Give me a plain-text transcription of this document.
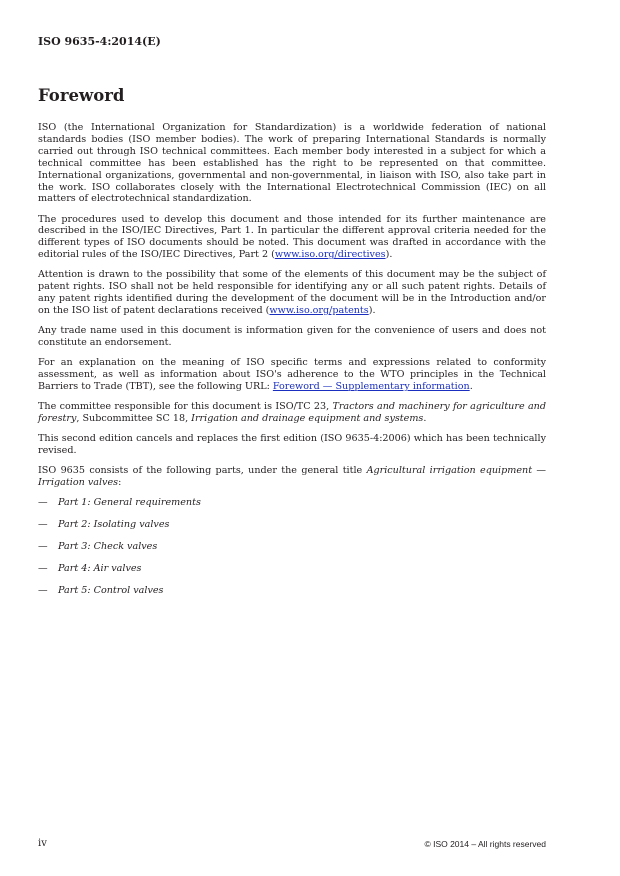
ISO 9635-4:2014(E)
Foreword

ISO (the International Organization for Standardization) is a worldwide federation of national standards bodies (ISO member bodies). The work of preparing International Standards is normally carried out through ISO technical committees. Each member body interested in a subject for which a technical committee has been established has the right to be represented on that committee. International organizations, governmental and non-governmental, in liaison with ISO, also take part in the work. ISO collaborates closely with the International Electrotechnical Commission (IEC) on all matters of electrotechnical standardization.

The procedures used to develop this document and those intended for its further maintenance are described in the ISO/IEC Directives, Part 1. In particular the different approval criteria needed for the different types of ISO documents should be noted. This document was drafted in accordance with the editorial rules of the ISO/IEC Directives, Part 2 (www.iso.org/directives).

Attention is drawn to the possibility that some of the elements of this document may be the subject of patent rights. ISO shall not be held responsible for identifying any or all such patent rights. Details of any patent rights identified during the development of the document will be in the Introduction and/or on the ISO list of patent declarations received (www.iso.org/patents).

Any trade name used in this document is information given for the convenience of users and does not constitute an endorsement.

For an explanation on the meaning of ISO specific terms and expressions related to conformity assessment, as well as information about ISO's adherence to the WTO principles in the Technical Barriers to Trade (TBT), see the following URL: Foreword — Supplementary information.

The committee responsible for this document is ISO/TC 23, Tractors and machinery for agriculture and forestry, Subcommittee SC 18, Irrigation and drainage equipment and systems.

This second edition cancels and replaces the first edition (ISO 9635-4:2006) which has been technically revised.

ISO 9635 consists of the following parts, under the general title Agricultural irrigation equipment — Irrigation valves:

— Part 1: General requirements
— Part 2: Isolating valves
— Part 3: Check valves
— Part 4: Air valves
— Part 5: Control valves
iv	© ISO 2014 – All rights reserved
